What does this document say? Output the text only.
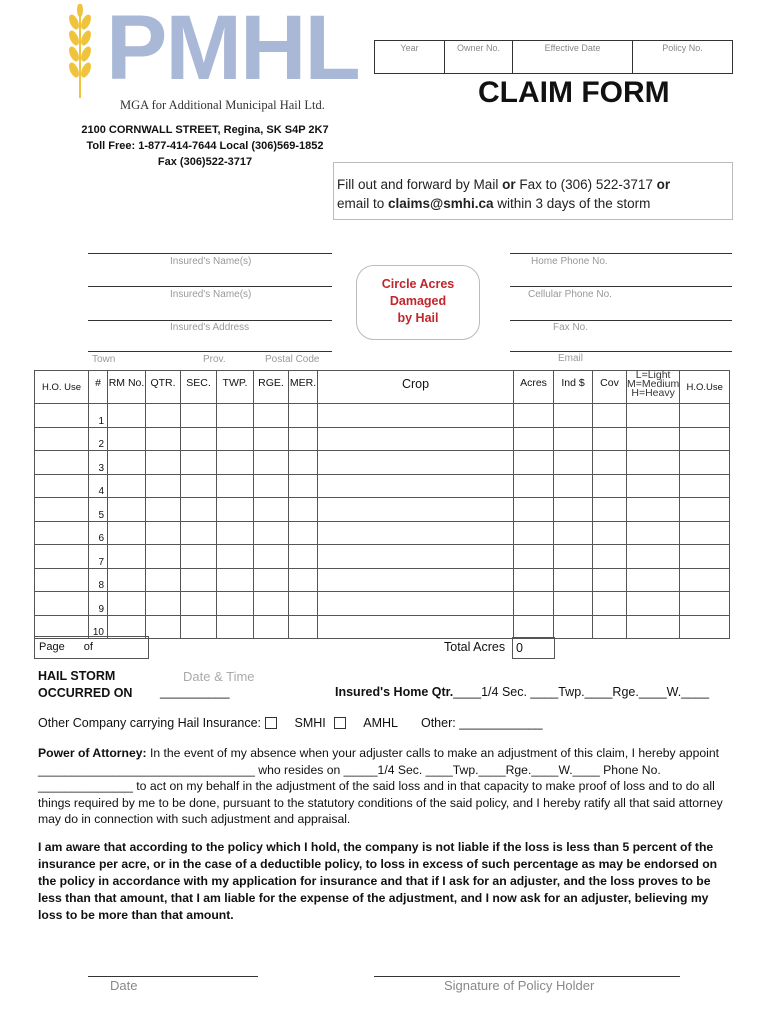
PMHL
MGA for Additional Municipal Hail Ltd.
2100 CORNWALL STREET, Regina, SK S4P 2K7
Toll Free: 1-877-414-7644 Local (306)569-1852
Fax (306)522-3717
Year	Owner No.	Effective Date	Policy No.
CLAIM FORM
Fill out and forward by Mail or Fax to (306) 522-3717 or
email to claims@smhi.ca within 3 days of the storm
Insured's Name(s)
Insured's Name(s)
Insured's Address
Town	Prov.	Postal Code
Circle Acres
Damaged
by Hail
Home Phone No.
Cellular Phone No.
Fax No.
Email
H.O. Use	#	RM No.	QTR.	SEC.	TWP.	RGE.	MER.	Crop	Acres	Ind $	Cov	L=Light
M=Medium
H=Heavy	H.O.Use
	1												
	2												
	3												
	4												
	5												
	6												
	7												
	8												
	9												
	10												
Page of	Total Acres 0
HAIL STORM
OCCURRED ON
Date & Time
__________	Insured's Home Qtr.____1/4 Sec. ____Twp.____Rge.____W.____
Other Company carrying Hail Insurance:	SMHI	AMHL Other: ____________
Power of Attorney: In the event of my absence when your adjuster calls to make an adjustment of this claim, I hereby appoint ________________________________ who resides on _____1/4 Sec. ____Twp.____Rge.____W.____ Phone No. ______________ to act on my behalf in the adjustment of the said loss and in that capacity to make proof of loss and to do all things required by me to be done, pursuant to the statutory conditions of the said policy, and I hereby ratify all that said attorney may do in connection with such adjustment and appraisal.
I am aware that according to the policy which I hold, the company is not liable if the loss is less than 5 percent of the insurance per acre, or in the case of a deductible policy, to loss in excess of such percentage as may be endorsed on the policy in accordance with my application for insurance and that if I ask for an adjuster, and the loss proves to be less than that amount, that I am liable for the expense of the adjustment, and I now ask for an adjuster, believing my loss to be more than that amount.
Date	Signature of Policy Holder
